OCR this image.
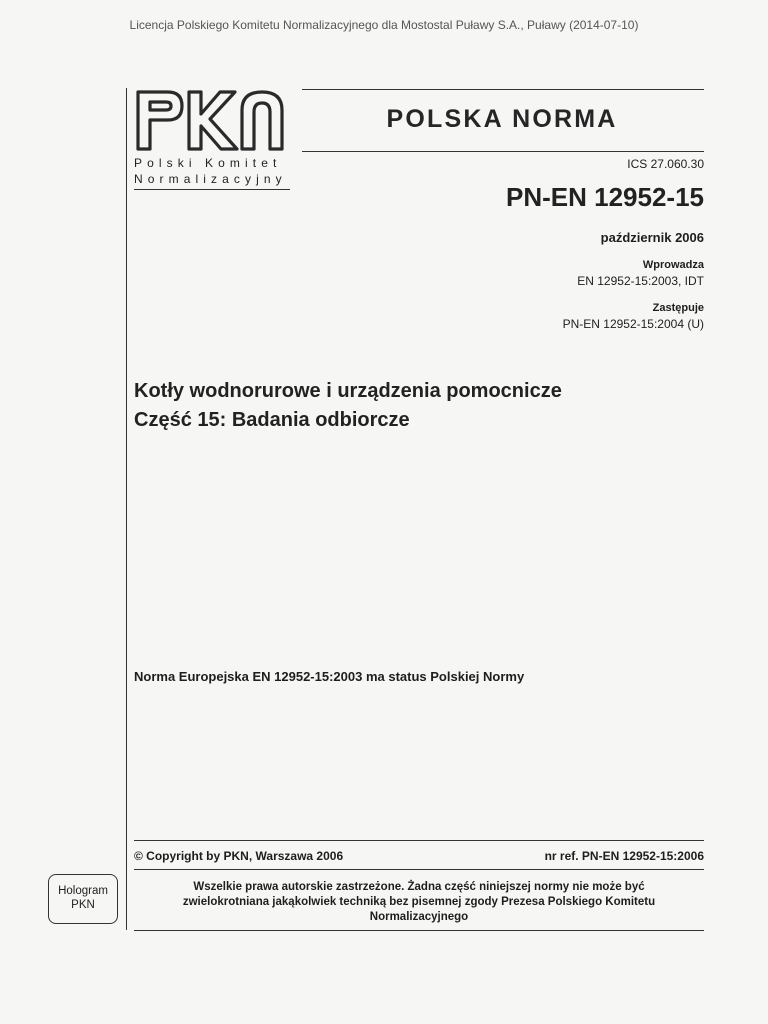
Licencja Polskiego Komitetu Normalizacyjnego dla Mostostal Puławy S.A., Puławy (2014-07-10)
Polski Komitet
Normalizacyjny
POLSKA NORMA
ICS 27.060.30
PN-EN 12952-15
październik 2006
Wprowadza
EN 12952-15:2003, IDT
Zastępuje
PN-EN 12952-15:2004 (U)
Kotły wodnorurowe i urządzenia pomocnicze
Część 15: Badania odbiorcze
Norma Europejska EN 12952-15:2003 ma status Polskiej Normy
© Copyright by PKN, Warszawa 2006	nr ref. PN-EN 12952-15:2006
Wszelkie prawa autorskie zastrzeżone. Żadna część niniejszej normy nie może być
zwielokrotniana jakąkolwiek techniką bez pisemnej zgody Prezesa Polskiego Komitetu
Normalizacyjnego
Hologram
PKN
